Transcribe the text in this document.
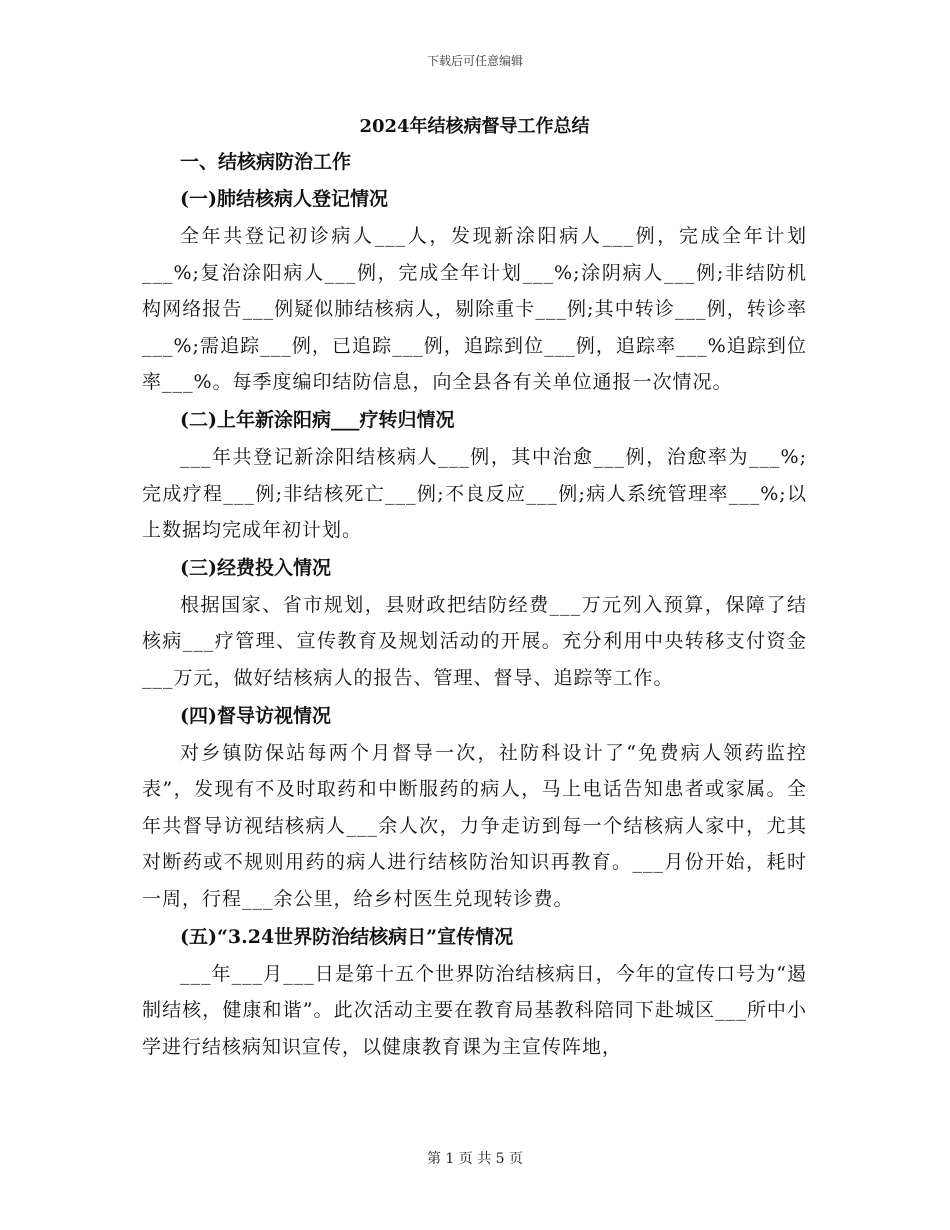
下载后可任意编辑
2024年结核病督导工作总结
一、结核病防治工作
(一)肺结核病人登记情况

全年共登记初诊病人___人，发现新涂阳病人___例，完成全年计划___%;复治涂阳病人___例，完成全年计划___%;涂阴病人___例;非结防机构网络报告___例疑似肺结核病人，剔除重卡___例;其中转诊___例，转诊率___%;需追踪___例，已追踪___例，追踪到位___例，追踪率___%追踪到位率___%。每季度编印结防信息，向全县各有关单位通报一次情况。

(二)上年新涂阳病___疗转归情况

___年共登记新涂阳结核病人___例，其中治愈___例，治愈率为___%;完成疗程___例;非结核死亡___例;不良反应___例;病人系统管理率___%;以上数据均完成年初计划。

(三)经费投入情况

根据国家、省市规划，县财政把结防经费___万元列入预算，保障了结核病___疗管理、宣传教育及规划活动的开展。充分利用中央转移支付资金___万元，做好结核病人的报告、管理、督导、追踪等工作。

(四)督导访视情况

对乡镇防保站每两个月督导一次，社防科设计了“免费病人领药监控表”，发现有不及时取药和中断服药的病人，马上电话告知患者或家属。全年共督导访视结核病人___余人次，力争走访到每一个结核病人家中，尤其对断药或不规则用药的病人进行结核防治知识再教育。___月份开始，耗时一周，行程___余公里，给乡村医生兑现转诊费。

(五)“3.24世界防治结核病日”宣传情况

___年___月___日是第十五个世界防治结核病日，今年的宣传口号为“遏制结核，健康和谐”。此次活动主要在教育局基教科陪同下赴城区___所中小学进行结核病知识宣传，以健康教育课为主宣传阵地，

第 1 页 共 5 页
